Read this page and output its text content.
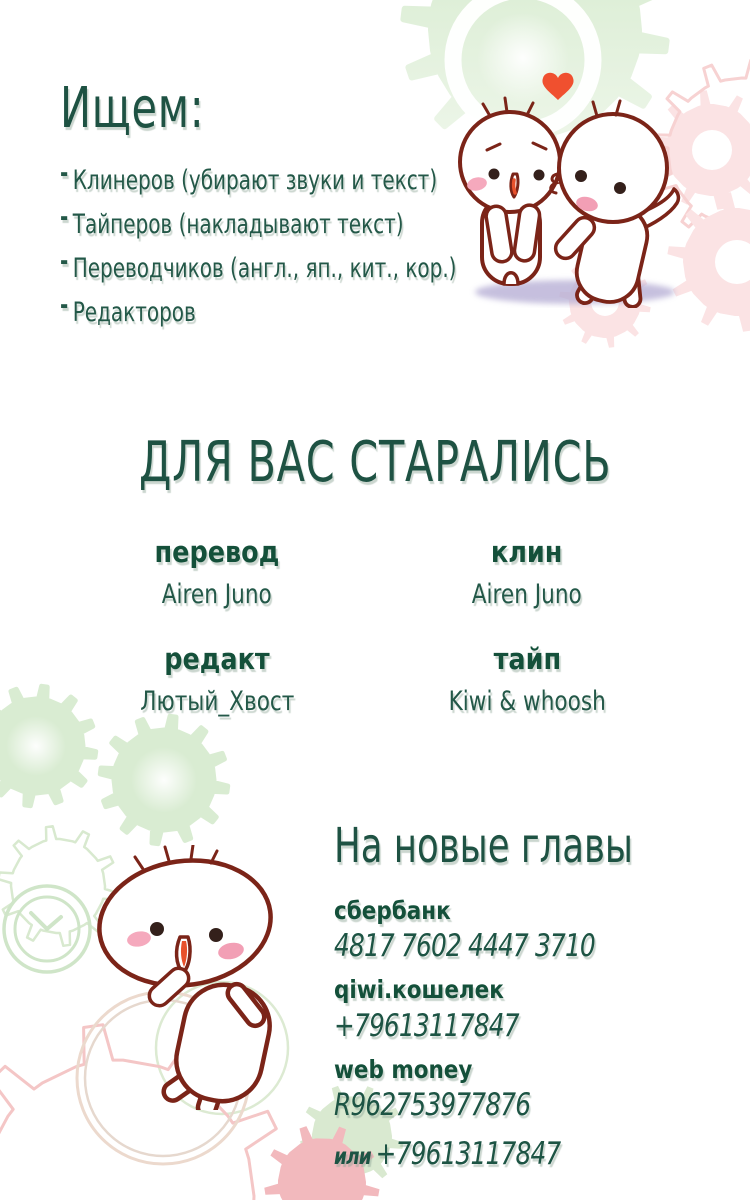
Ищем:
- Клинеров (убирают звуки и текст)
- Тайперов (накладывают текст)
- Переводчиков (англ., яп., кит., кор.)
- Редакторов
ДЛЯ ВАС СТАРАЛИСЬ
перевод
Airen Juno
клин
Airen Juno
редакт
Лютый_Хвост
тайп
Kiwi & whoosh
На новые главы
сбербанк
4817 7602 4447 3710
qiwi.кошелек
+79613117847
web money
R962753977876
или +79613117847
